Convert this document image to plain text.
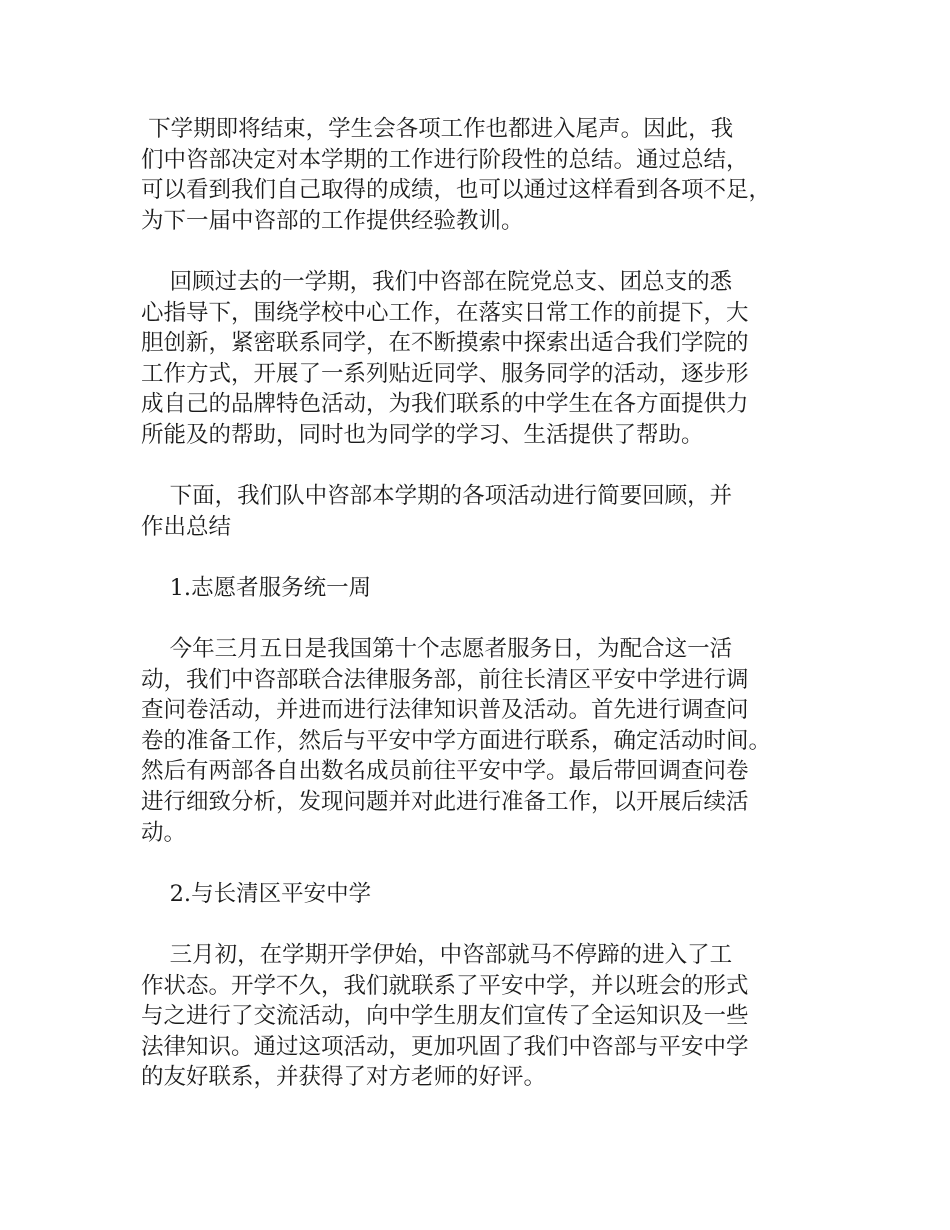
下学期即将结束，学生会各项工作也都进入尾声。因此，我
们中咨部决定对本学期的工作进行阶段性的总结。通过总结，
可以看到我们自己取得的成绩，也可以通过这样看到各项不足，
为下一届中咨部的工作提供经验教训。
回顾过去的一学期，我们中咨部在院党总支、团总支的悉
心指导下，围绕学校中心工作，在落实日常工作的前提下，大
胆创新，紧密联系同学，在不断摸索中探索出适合我们学院的
工作方式，开展了一系列贴近同学、服务同学的活动，逐步形
成自己的品牌特色活动，为我们联系的中学生在各方面提供力
所能及的帮助，同时也为同学的学习、生活提供了帮助。
下面，我们队中咨部本学期的各项活动进行简要回顾，并
作出总结
1.志愿者服务统一周
今年三月五日是我国第十个志愿者服务日，为配合这一活
动，我们中咨部联合法律服务部，前往长清区平安中学进行调
查问卷活动，并进而进行法律知识普及活动。首先进行调查问
卷的准备工作，然后与平安中学方面进行联系，确定活动时间。
然后有两部各自出数名成员前往平安中学。最后带回调查问卷
进行细致分析，发现问题并对此进行准备工作，以开展后续活
动。
2.与长清区平安中学
三月初，在学期开学伊始，中咨部就马不停蹄的进入了工
作状态。开学不久，我们就联系了平安中学，并以班会的形式
与之进行了交流活动，向中学生朋友们宣传了全运知识及一些
法律知识。通过这项活动，更加巩固了我们中咨部与平安中学
的友好联系，并获得了对方老师的好评。
